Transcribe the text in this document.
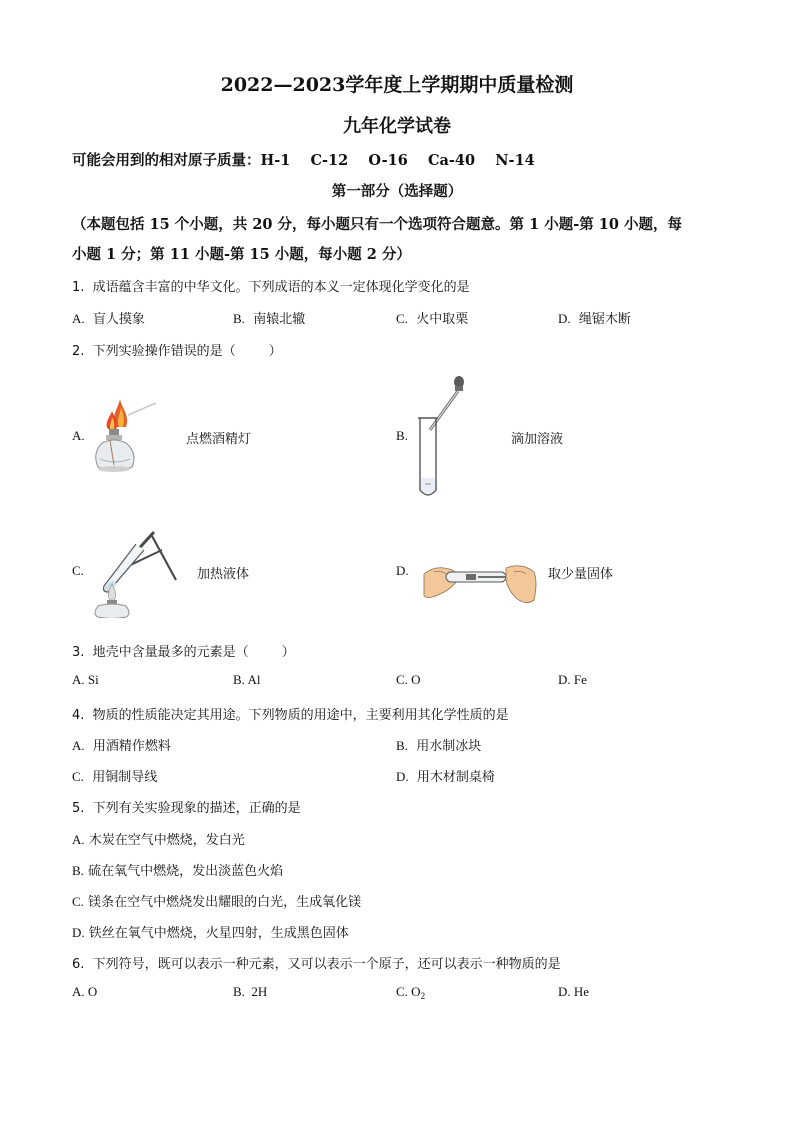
2022—2023学年度上学期期中质量检测
九年化学试卷
可能会用到的相对原子质量：H-1    C-12    O-16    Ca-40    N-14
第一部分（选择题）
（本题包括 15 个小题，共 20 分，每小题只有一个选项符合题意。第 1 小题-第 10 小题，每
小题 1 分；第 11 小题-第 15 小题，每小题 2 分）
1.  成语蕴含丰富的中华文化。下列成语的本义一定体现化学变化的是
A. 盲人摸象	B. 南辕北辙	C. 火中取栗	D. 绳锯木断
2.  下列实验操作错误的是（        ）
A.	点燃酒精灯	B.	滴加溶液
C.	加热液体	D.	取少量固体
3.  地壳中含量最多的元素是（        ）
A. Si	B. Al	C. O	D. Fe
4.  物质的性质能决定其用途。下列物质的用途中，主要利用其化学性质的是
A. 用酒精作燃料	B. 用水制冰块
C. 用铜制导线	D. 用木材制桌椅
5.  下列有关实验现象的描述，正确的是
A. 木炭在空气中燃烧，发白光
B. 硫在氧气中燃烧，发出淡蓝色火焰
C. 镁条在空气中燃烧发出耀眼的白光，生成氧化镁
D. 铁丝在氧气中燃烧，火星四射，生成黑色固体
6.  下列符号，既可以表示一种元素，又可以表示一个原子，还可以表示一种物质的是
A. O	B. 2H	C. $O_2$	D. He
